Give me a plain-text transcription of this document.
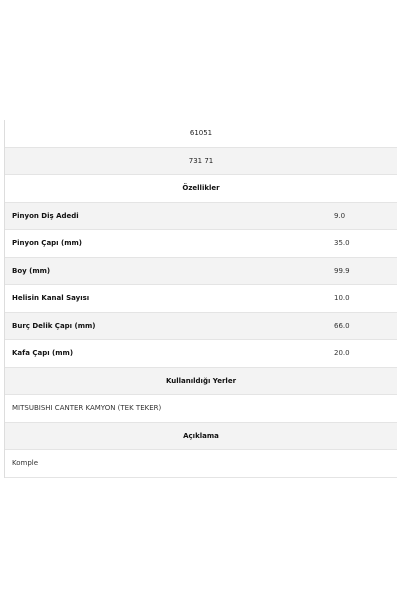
61051
731 71
Özellikler
Pinyon Diş Adedi	9.0
Pinyon Çapı (mm)	35.0
Boy (mm)	99.9
Helisin Kanal Sayısı	10.0
Burç Delik Çapı (mm)	66.0
Kafa Çapı (mm)	20.0
Kullanıldığı Yerler
MITSUBISHI CANTER KAMYON (TEK TEKER)
Açıklama
Komple
